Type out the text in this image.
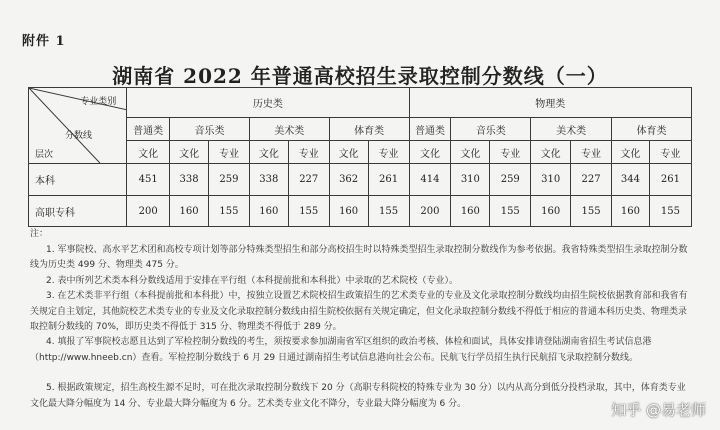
附件 1
湖南省 2022 年普通高校招生录取控制分数线（一）
专业类别
分数线
层次	历史类							物理类						
	普通类	音乐类		美术类		体育类		普通类	音乐类		美术类		体育类	
	文化	文化	专业	文化	专业	文化	专业	文化	文化	专业	文化	专业	文化	专业
本科	451	338	259	338	227	362	261	414	310	259	310	227	344	261
高职专科	200	160	155	160	155	160	155	200	160	155	160	155	160	155
注：
1. 军事院校、高水平艺术团和高校专项计划等部分特殊类型招生和部分高校招生时以特殊类型招生录取控制分数线作为参考依据。我省特殊类型招生录取控制分数线为历史类 499 分、物理类 475 分。
2. 表中所列艺术类本科分数线适用于安排在平行组（本科提前批和本科批）中录取的艺术院校（专业）。
3. 在艺术类非平行组（本科提前批和本科批）中，按独立设置艺术院校招生政策招生的艺术类专业的专业及文化录取控制分数线均由招生院校依据教育部和我省有关规定自主划定，其他院校艺术类专业的专业及文化录取控制分数线由招生院校依据有关规定确定，但文化录取控制分数线不得低于相应的普通本科历史类、物理类录取控制分数线的 70%，即历史类不得低于 315 分、物理类不得低于 289 分。
4. 填报了军事院校志愿且达到了军检控制分数线的考生，须按要求参加湖南省军区组织的政治考核、体检和面试，具体安排请登陆湖南省招生考试信息港（http://www.hneeb.cn）查看。军检控制分数线于 6 月 29 日通过湖南招生考试信息港向社会公布。民航飞行学员招生执行民航招飞录取控制分数线。
5. 根据政策规定，招生高校生源不足时，可在批次录取控制分数线下 20 分（高职专科院校的特殊专业为 30 分）以内从高分到低分投档录取，其中，体育类专业文化最大降分幅度为 14 分、专业最大降分幅度为 6 分。艺术类专业文化不降分，专业最大降分幅度为 6 分。	知乎 @易老师
